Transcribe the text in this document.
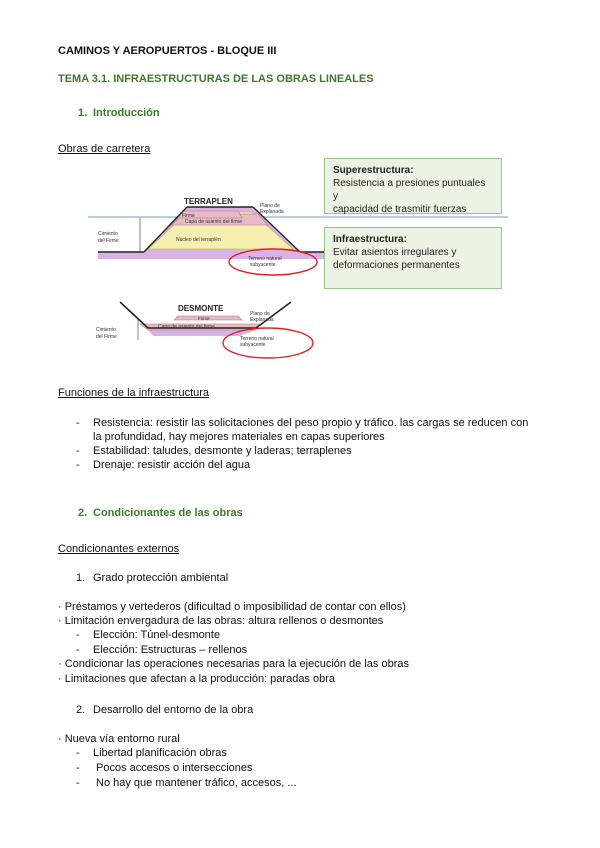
CAMINOS Y AEROPUERTOS - BLOQUE III
TEMA 3.1. INFRAESTRUCTURAS DE LAS OBRAS LINEALES
1. Introducción
Obras de carretera
TERRAPLEN	Plano de
Explanada
Firme
Capa de asiento del firme
Núcleo del terraplén
Cimiento
del Firme
Terreno natural
subyacente
DESMONTE
Plano de
Explanada
Firme
Capa de asiento del firme
Cimiento
del Firme	Terreno natural
subyacente
Superestructura:
Resistencia a presiones puntuales y
capacidad de trasmitir fuerzas
Infraestructura:
Evitar asientos irregulares y
deformaciones permanentes
Funciones de la infraestructura
- Resistencia: resistir las solicitaciones del peso propio y tráfico. las cargas se reducen con
la profundidad, hay mejores materiales en capas superiores
- Estabilidad: taludes, desmonte y laderas; terraplenes
- Drenaje: resistir acción del agua
2. Condicionantes de las obras
Condicionantes externos
1. Grado protección ambiental
· Préstamos y vertederos (dificultad o imposibilidad de contar con ellos)
· Limitación envergadura de las obras: altura rellenos o desmontes
- Elección: Túnel-desmonte
- Elección: Estructuras – rellenos
· Condicionar las operaciones necesarias para la ejecución de las obras
· Limitaciones que afectan a la producción: paradas obra
2. Desarrollo del entorno de la obra
· Nueva vía entorno rural
- Libertad planificación obras
- Pocos accesos o intersecciones
- No hay que mantener tráfico, accesos, ...
